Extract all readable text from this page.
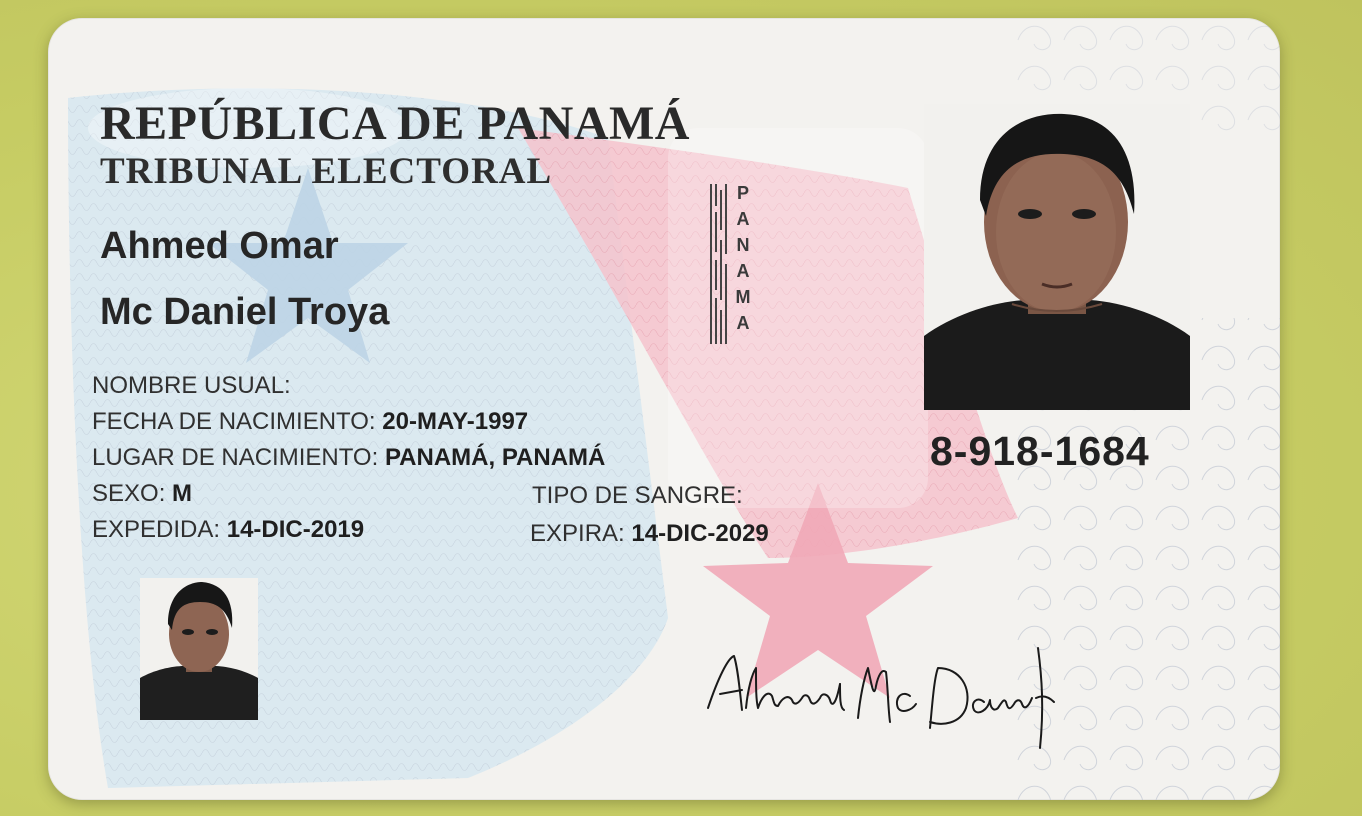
REPÚBLICA DE PANAMÁ
TRIBUNAL ELECTORAL
Ahmed Omar
Mc Daniel Troya
NOMBRE USUAL:
FECHA DE NACIMIENTO: 20-MAY-1997
LUGAR DE NACIMIENTO: PANAMÁ, PANAMÁ
SEXO: M	TIPO DE SANGRE:
EXPEDIDA: 14-DIC-2019	EXPIRA: 14-DIC-2029
P
A
N
A
M
A
8-918-1684
